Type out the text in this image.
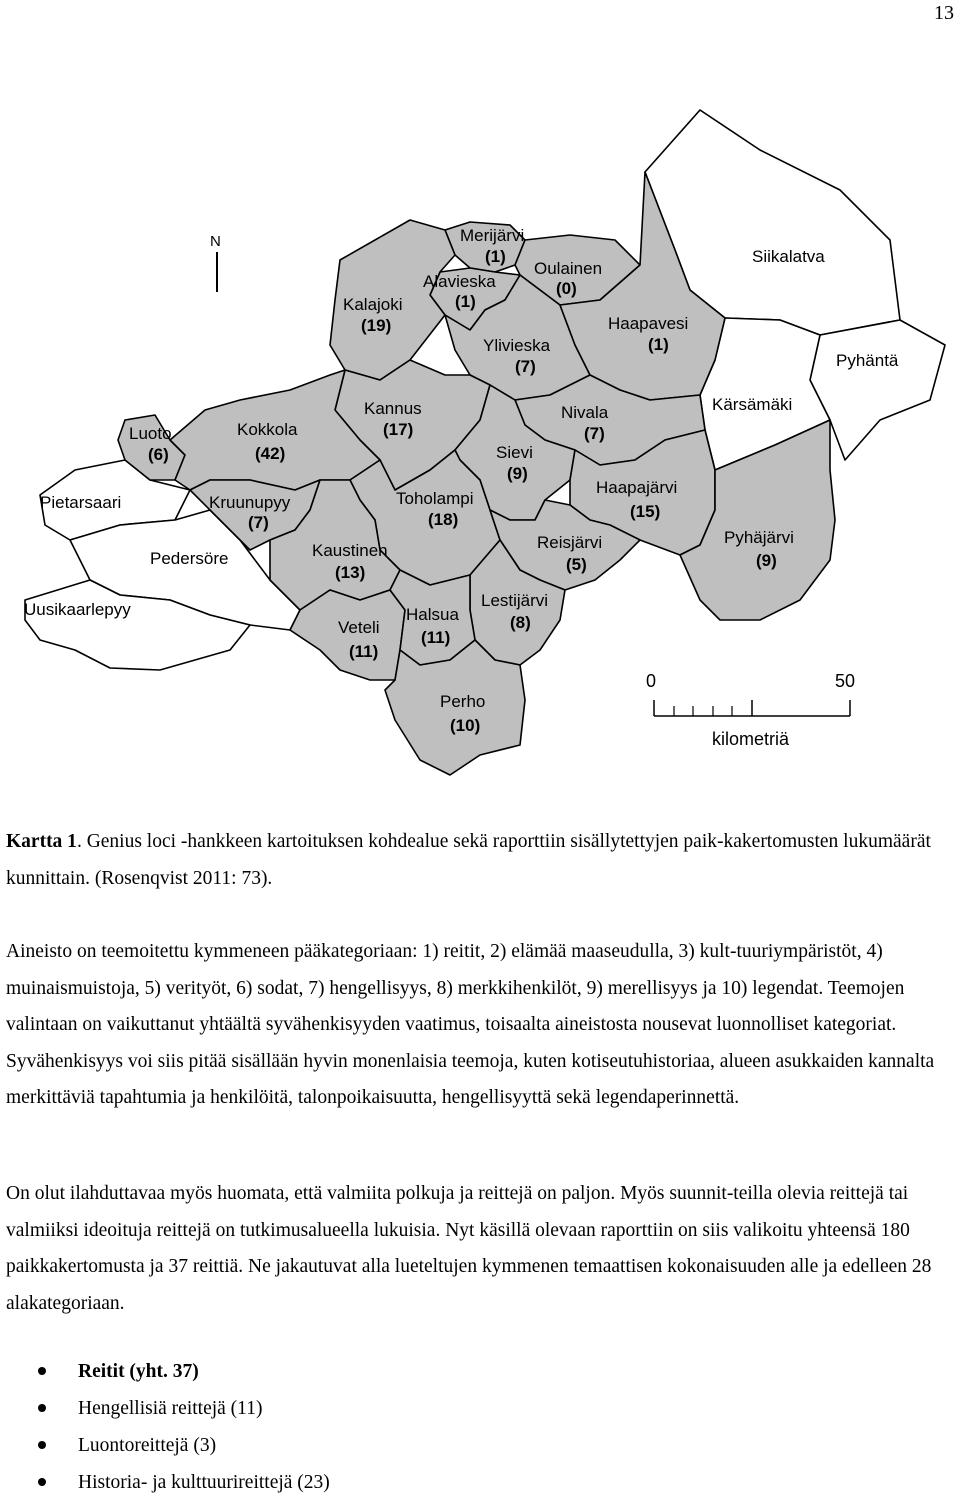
13
N	Merijärvi
(1)
Alavieska
(1)
Oulainen
(0)
Kalajoki
(19)
Ylivieska
(7)
Haapavesi
(1)
Siikalatva
Pyhäntä
Kärsämäki
Kannus
(17)
Nivala
(7)
Luoto
(6)
Kokkola
(42)	Sievi
(9)
Pietarsaari
Haapajärvi
(15)
Kruunupyy
(7)
Toholampi
(18)
Kaustinen
(13)
Reisjärvi
(5)
Pyhäjärvi
(9)
Pedersöre
Uusikaarlepyy	Lestijärvi
(8)
Veteli
(11)
Halsua
(11)
Perho
(10)
0	50
kilometriä
Kartta 1. Genius loci -hankkeen kartoituksen kohdealue sekä raporttiin sisällytettyjen paik-kakertomusten lukumäärät kunnittain. (Rosenqvist 2011: 73).
Aineisto on teemoitettu kymmeneen pääkategoriaan: 1) reitit, 2) elämää maaseudulla, 3) kult-tuuriympäristöt, 4) muinaismuistoja, 5) verityöt, 6) sodat, 7) hengellisyys, 8) merkkihenkilöt, 9) merellisyys ja 10) legendat. Teemojen valintaan on vaikuttanut yhtäältä syvähenkisyyden vaatimus, toisaalta aineistosta nousevat luonnolliset kategoriat. Syvähenkisyys voi siis pitää sisällään hyvin monenlaisia teemoja, kuten kotiseutuhistoriaa, alueen asukkaiden kannalta merkittäviä tapahtumia ja henkilöitä, talonpoikaisuutta, hengellisyyttä sekä legendaperinnettä.
On olut ilahduttavaa myös huomata, että valmiita polkuja ja reittejä on paljon. Myös suunnit-teilla olevia reittejä tai valmiiksi ideoituja reittejä on tutkimusalueella lukuisia. Nyt käsillä olevaan raporttiin on siis valikoitu yhteensä 180 paikkakertomusta ja 37 reittiä. Ne jakautuvat alla lueteltujen kymmenen temaattisen kokonaisuuden alle ja edelleen 28 alakategoriaan.
Reitit (yht. 37)
Hengellisiä reittejä (11)
Luontoreittejä (3)
Historia- ja kulttuurireittejä (23)
